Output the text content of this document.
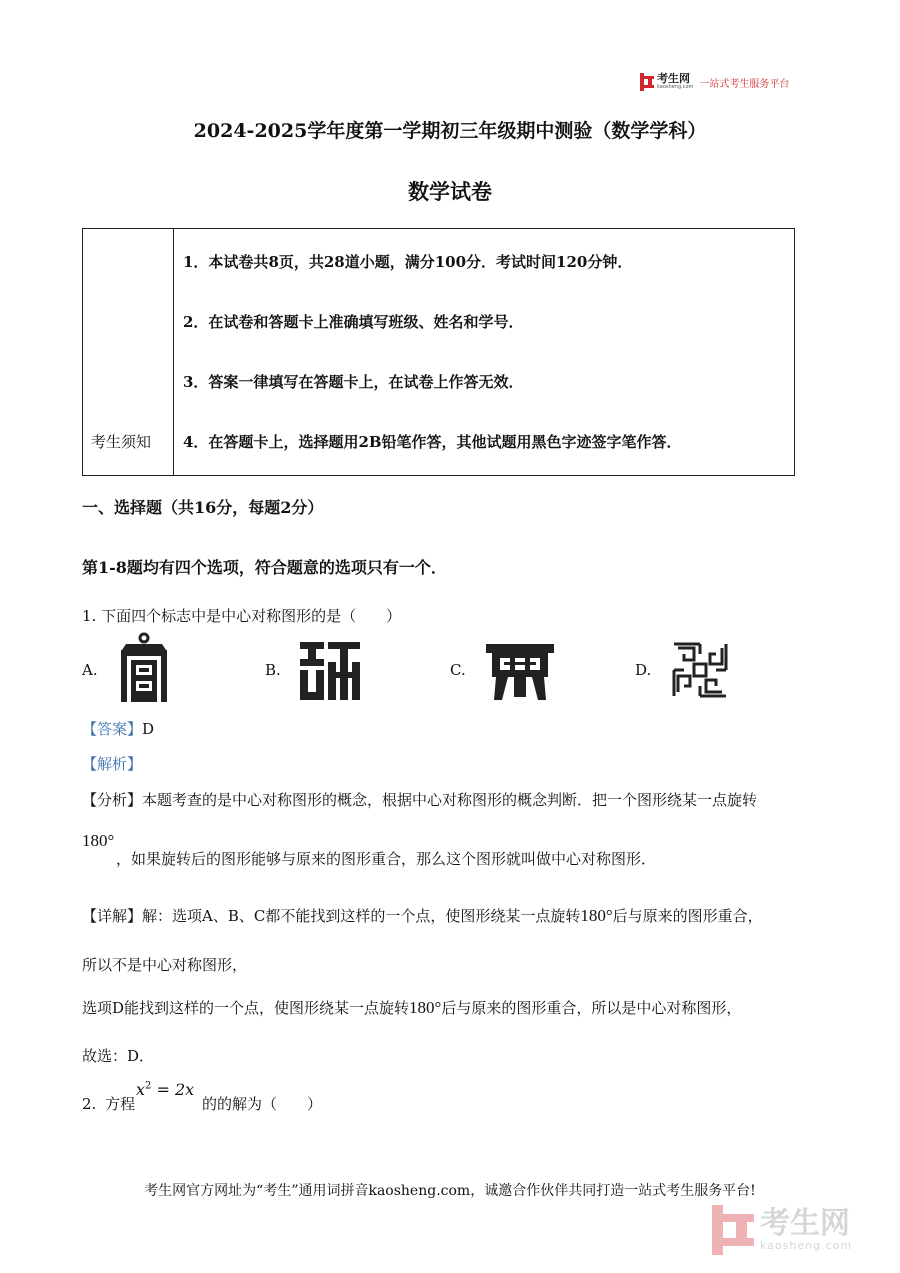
考生网
kaosheng.com 一站式考生服务平台
2024-2025学年度第一学期初三年级期中测验（数学学科）
数学试卷
考生须知
1．本试卷共8页，共28道小题，满分100分．考试时间120分钟．
2．在试卷和答题卡上准确填写班级、姓名和学号．
3．答案一律填写在答题卡上，在试卷上作答无效．
4．在答题卡上，选择题用2B铅笔作答，其他试题用黑色字迹签字笔作答．
一、选择题（共16分，每题2分）
第1-8题均有四个选项，符合题意的选项只有一个．
1. 下面四个标志中是中心对称图形的是（　　）
A.	B.	C.	D.
【答案】D
【解析】
【分析】本题考查的是中心对称图形的概念，根据中心对称图形的概念判断．把一个图形绕某一点旋转
180°
，如果旋转后的图形能够与原来的图形重合，那么这个图形就叫做中心对称图形．
【详解】解：选项A、B、C都不能找到这样的一个点，使图形绕某一点旋转180°后与原来的图形重合，
所以不是中心对称图形，
选项D能找到这样的一个点，使图形绕某一点旋转180°后与原来的图形重合，所以是中心对称图形，
故选：D．
2. 方程
$x^2 = 2x$
的的解为（　　）
考生网官方网址为“考生”通用词拼音kaosheng.com，诚邀合作伙伴共同打造一站式考生服务平台!
考生网
kaosheng.com
